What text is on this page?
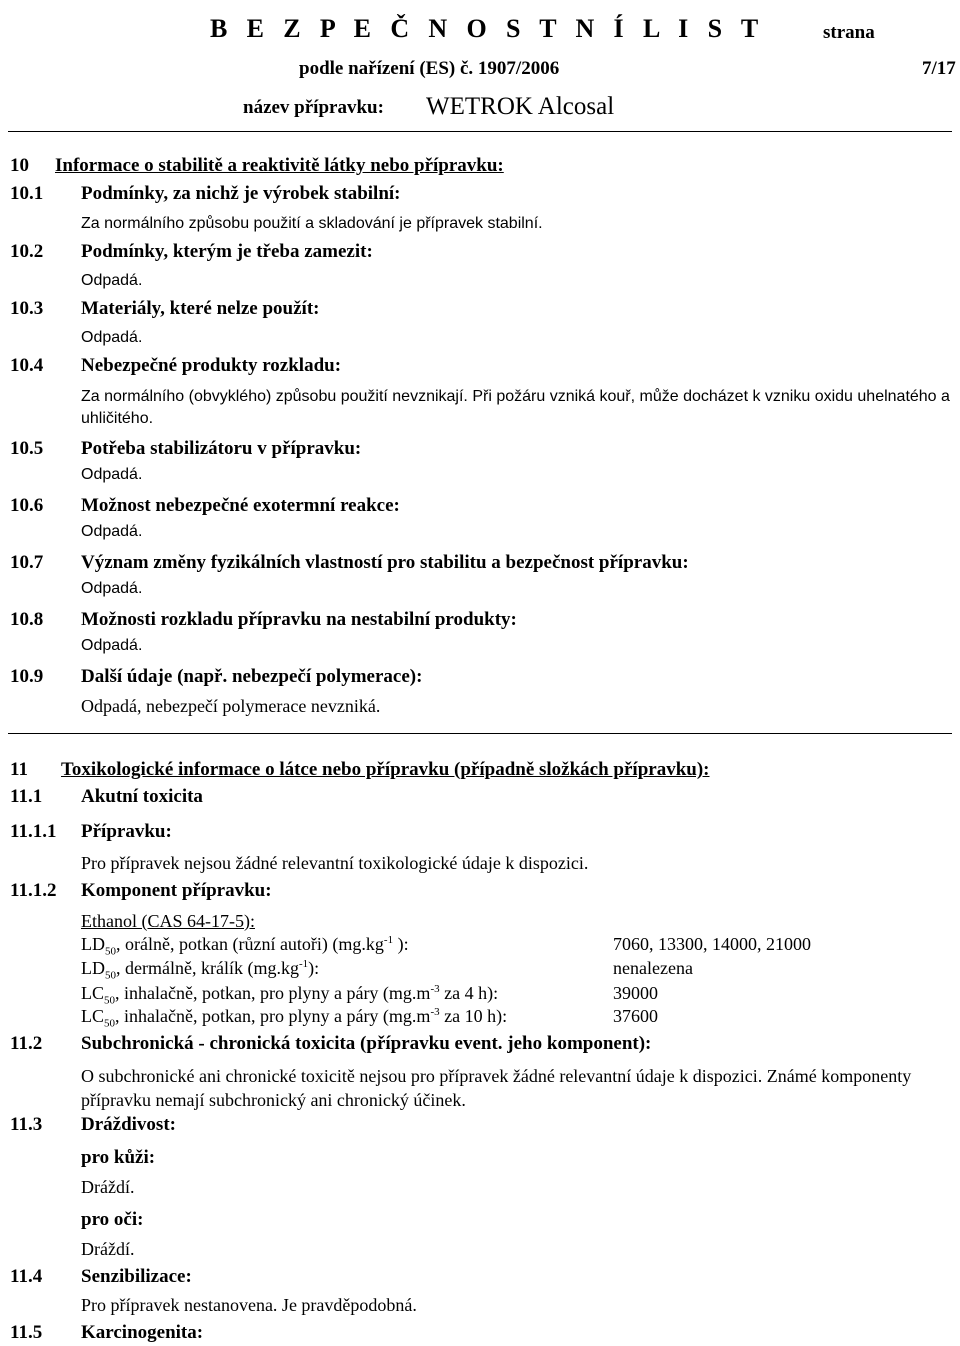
B E Z P E Č N O S T N Í L I S T	strana
podle nařízení (ES) č. 1907/2006	7/17
název přípravku: WETROK Alcosal
10 Informace o stabilitě a reaktivitě látky nebo přípravku:
10.1 Podmínky, za nichž je výrobek stabilní:
Za normálního způsobu použití a skladování je přípravek stabilní.
10.2 Podmínky, kterým je třeba zamezit:
Odpadá.
10.3 Materiály, které nelze použít:
Odpadá.
10.4 Nebezpečné produkty rozkladu:
Za normálního (obvyklého) způsobu použití nevznikají. Při požáru vzniká kouř, může docházet k vzniku oxidu uhelnatého a uhličitého.
10.5 Potřeba stabilizátoru v přípravku:
Odpadá.
10.6 Možnost nebezpečné exotermní reakce:
Odpadá.
10.7 Význam změny fyzikálních vlastností pro stabilitu a bezpečnost přípravku:
Odpadá.
10.8 Možnosti rozkladu přípravku na nestabilní produkty:
Odpadá.
10.9 Další údaje (např. nebezpečí polymerace):
Odpadá, nebezpečí polymerace nevzniká.
11 Toxikologické informace o látce nebo přípravku (případně složkách přípravku):
11.1 Akutní toxicita
11.1.1 Přípravku:
Pro přípravek nejsou žádné relevantní toxikologické údaje k dispozici.
11.1.2 Komponent přípravku:
Ethanol (CAS 64-17-5):
$LD_{50}$, orálně, potkan (různí autoři) ($mg.kg^{-1}$ ):	7060, 13300, 14000, 21000
$LD_{50}$, dermálně, králík $(mg.kg^{-1})$:	nenalezena
$LC_{50}$, inhalačně, potkan, pro plyny a páry ($mg.m^{-3}$ za 4 h):	39000
$LC_{50}$, inhalačně, potkan, pro plyny a páry ($mg.m^{-3}$ za 10 h):	37600
11.2 Subchronická - chronická toxicita (přípravku event. jeho komponent):
O subchronické ani chronické toxicitě nejsou pro přípravek žádné relevantní údaje k dispozici. Známé komponenty přípravku nemají subchronický ani chronický účinek.
11.3 Dráždivost:
pro kůži:
Dráždí.
pro oči:
Dráždí.
11.4 Senzibilizace:
Pro přípravek nestanovena. Je pravděpodobná.
11.5 Karcinogenita:
